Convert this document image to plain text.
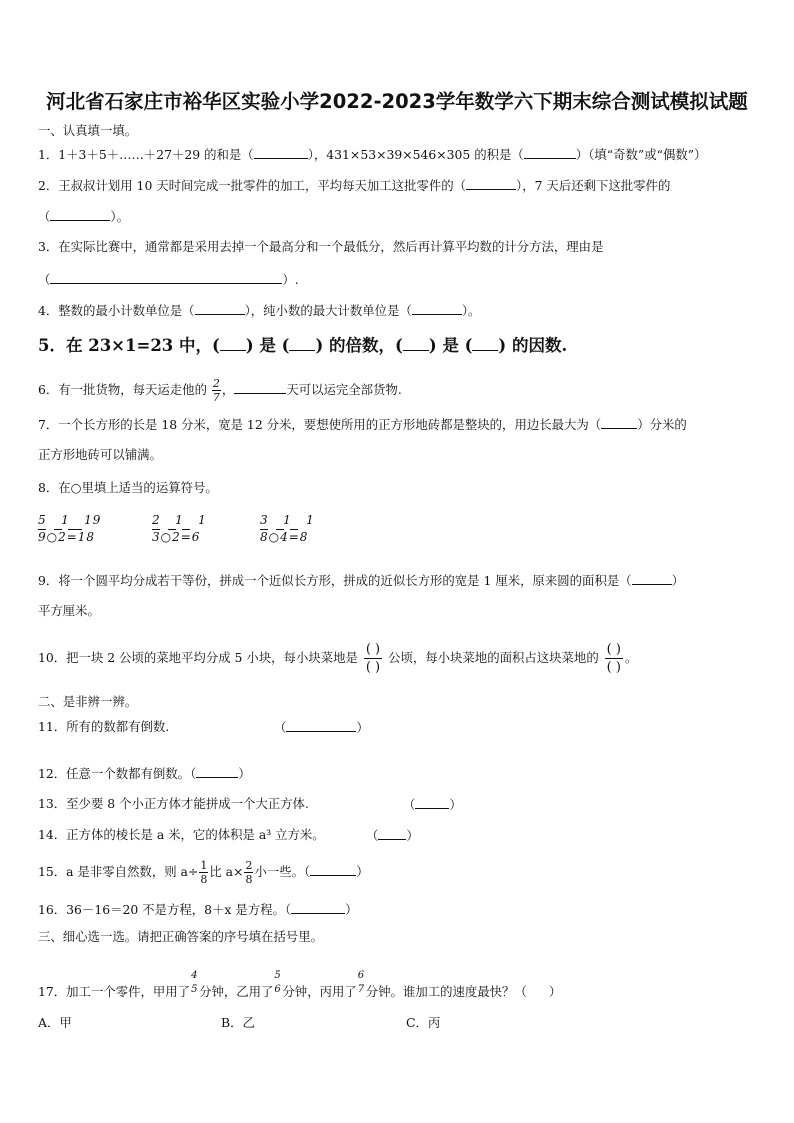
河北省石家庄市裕华区实验小学2022-2023学年数学六下期末综合测试模拟试题
一、认真填一填。
1．1＋3＋5＋……＋27＋29 的和是（	），431×53×39×546×305 的积是（	）（填“奇数”或“偶数”）
2．王叔叔计划用 10 天时间完成一批零件的加工，平均每天加工这批零件的（	），7 天后还剩下这批零件的
（	）。
3．在实际比赛中，通常都是采用去掉一个最高分和一个最低分，然后再计算平均数的计分方法，理由是
（	）.
4．整数的最小计数单位是（	），纯小数的最大计数单位是（	）。
5．在 23×1=23 中，( ) 是 ( ) 的倍数，( ) 是 ( ) 的因数.
6．有一批货物，每天运走他的 $\frac{2}{7}$ ，	天可以运完全部货物.
7．一个长方形的长是 18 分米，宽是 12 分米，要想使所用的正方形地砖都是整块的，用边长最大为（	）分米的
正方形地砖可以铺满。
8．在○里填上适当的运算符号。
5   1   19
9○2=18
2   1   1
3○2=6
3   1   1
8○4=8
9．将一个圆平均分成若干等份，拼成一个近似长方形，拼成的近似长方形的宽是 1 厘米，原来圆的面积是（	）
平方厘米。
10．把一块 2 公顷的菜地平均分成 5 小块，每小块菜地是
( )
( )
公顷，每小块菜地的面积占这块菜地的
( )
( )
。
二、是非辨一辨。
11．所有的数都有倒数.	（	）
12．任意一个数都有倒数。（	）
13．至少要 8 个小正方体才能拼成一个大正方体.	（	）
14．正方体的棱长是 a 米，它的体积是 a³ 立方米。	（ ）
15．a 是非零自然数，则 $a\div \frac{1}{8}$ 比 $a\times \frac{2}{8}$ 小一些。（	）
16．36－16＝20 不是方程，8＋x 是方程。（	）
三、细心选一选。请把正确答案的序号填在括号里。
17．加工一个零件，甲用了
4
5 分钟，乙用了
5
6 分钟，丙用了
6
7 分钟。谁加工的速度最快？（ ）
A．甲	B．乙	C．丙
